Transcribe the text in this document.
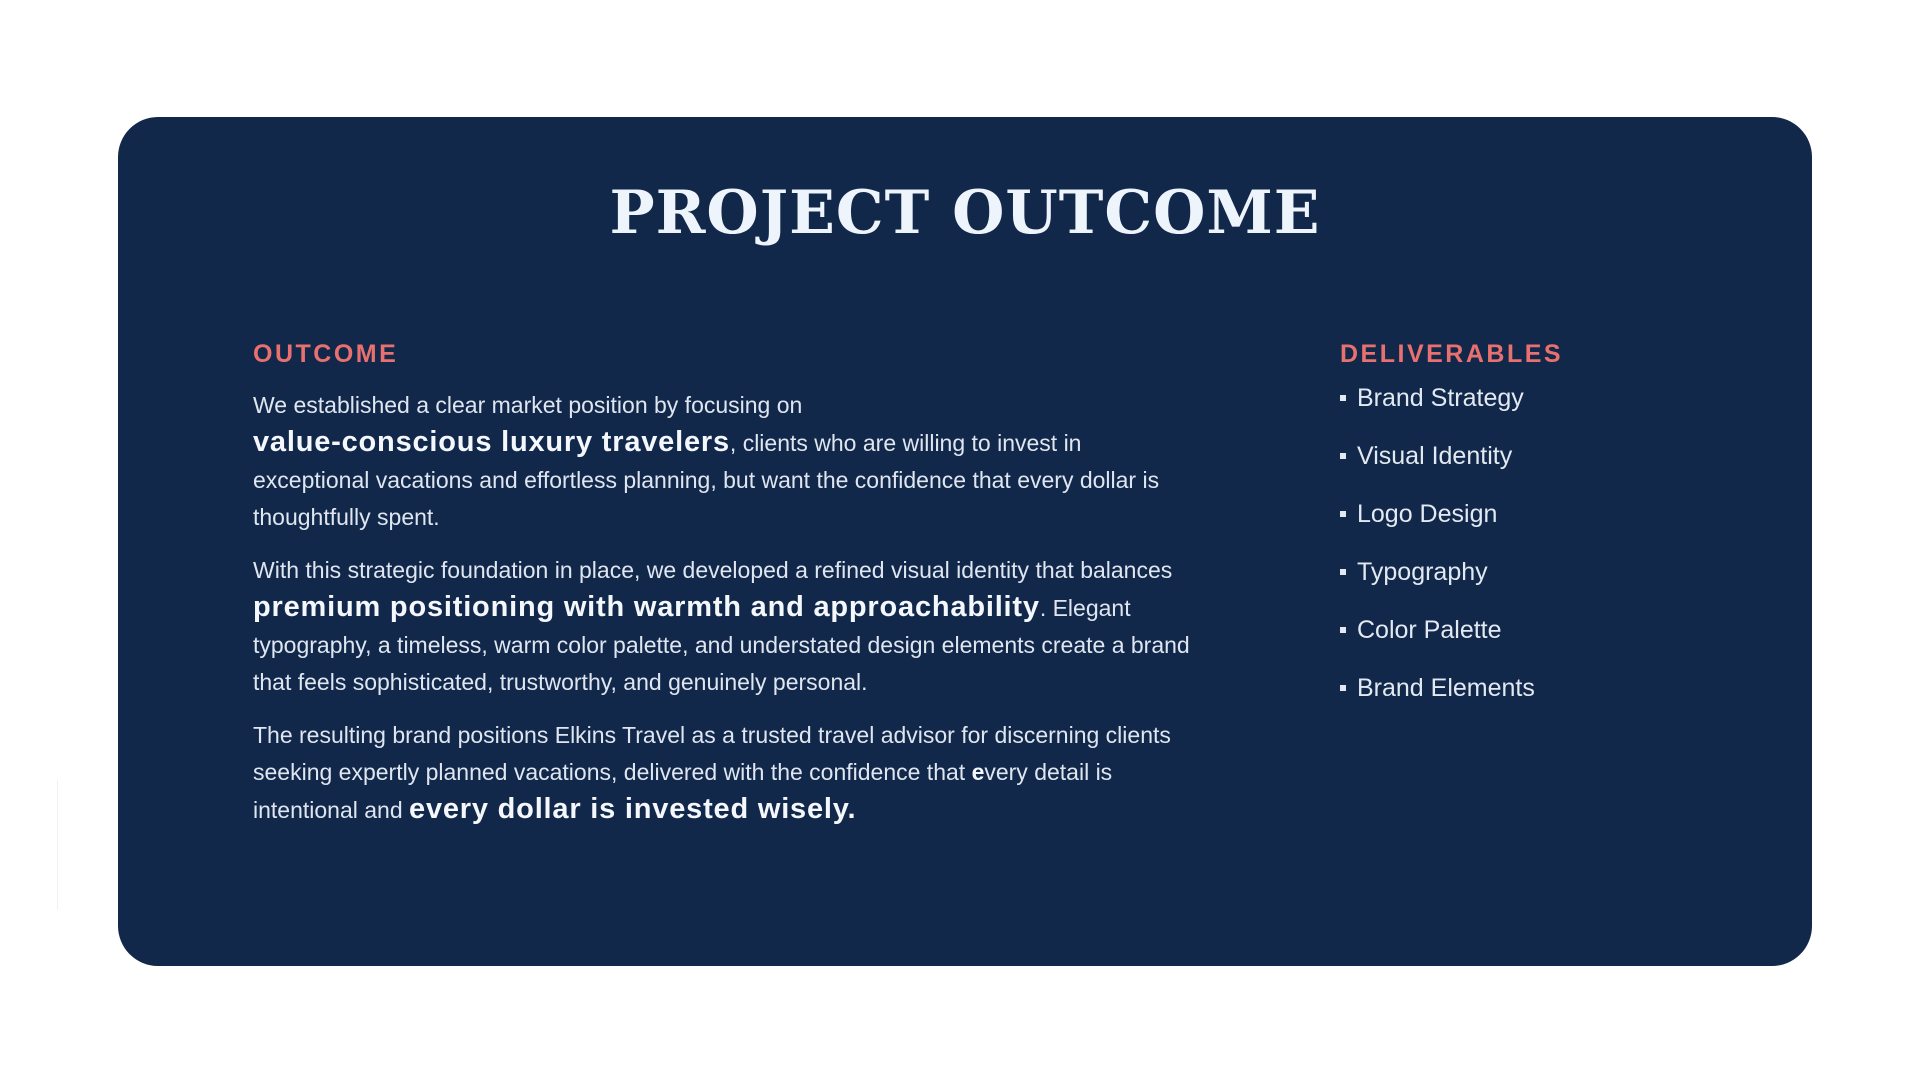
PROJECT OUTCOME
OUTCOME

We established a clear market position by focusing on
value-conscious luxury travelers, clients who are willing to invest in exceptional vacations and effortless planning, but want the confidence that every dollar is thoughtfully spent.

With this strategic foundation in place, we developed a refined visual identity that balances premium positioning with warmth and approachability. Elegant typography, a timeless, warm color palette, and understated design elements create a brand that feels sophisticated, trustworthy, and genuinely personal.

The resulting brand positions Elkins Travel as a trusted travel advisor for discerning clients seeking expertly planned vacations, delivered with the confidence that every detail is intentional and every dollar is invested wisely.

DELIVERABLES
Brand Strategy
Visual Identity
Logo Design
Typography
Color Palette
Brand Elements
